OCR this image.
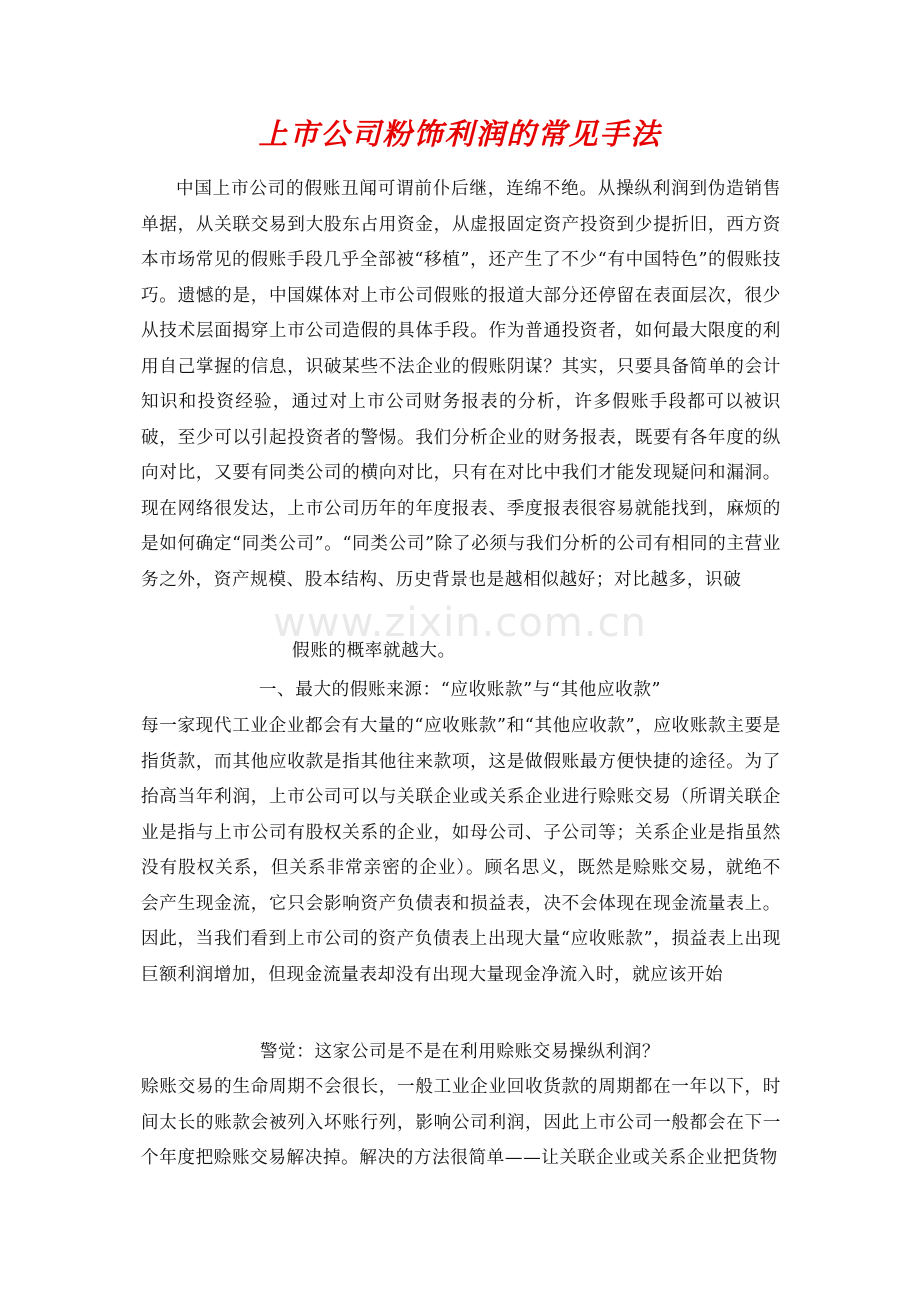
上市公司粉饰利润的常见手法
中国上市公司的假账丑闻可谓前仆后继，连绵不绝。从操纵利润到伪造销售单据，从关联交易到大股东占用资金，从虚报固定资产投资到少提折旧，西方资本市场常见的假账手段几乎全部被“移植”，还产生了不少“有中国特色”的假账技巧。遗憾的是，中国媒体对上市公司假账的报道大部分还停留在表面层次，很少从技术层面揭穿上市公司造假的具体手段。作为普通投资者，如何最大限度的利用自己掌握的信息，识破某些不法企业的假账阴谋？其实，只要具备简单的会计知识和投资经验，通过对上市公司财务报表的分析，许多假账手段都可以被识破，至少可以引起投资者的警惕。我们分析企业的财务报表，既要有各年度的纵向对比，又要有同类公司的横向对比，只有在对比中我们才能发现疑问和漏洞。现在网络很发达，上市公司历年的年度报表、季度报表很容易就能找到，麻烦的是如何确定“同类公司”。“同类公司”除了必须与我们分析的公司有相同的主营业务之外，资产规模、股本结构、历史背景也是越相似越好；对比越多，识破
假账的概率就越大。
一、最大的假账来源：“应收账款”与“其他应收款”
每一家现代工业企业都会有大量的“应收账款”和“其他应收款”，应收账款主要是指货款，而其他应收款是指其他往来款项，这是做假账最方便快捷的途径。为了抬高当年利润，上市公司可以与关联企业或关系企业进行赊账交易（所谓关联企业是指与上市公司有股权关系的企业，如母公司、子公司等；关系企业是指虽然没有股权关系，但关系非常亲密的企业）。顾名思义，既然是赊账交易，就绝不会产生现金流，它只会影响资产负债表和损益表，决不会体现在现金流量表上。因此，当我们看到上市公司的资产负债表上出现大量“应收账款”，损益表上出现巨额利润增加，但现金流量表却没有出现大量现金净流入时，就应该开始
警觉：这家公司是不是在利用赊账交易操纵利润？
赊账交易的生命周期不会很长，一般工业企业回收货款的周期都在一年以下，时间太长的账款会被列入坏账行列，影响公司利润，因此上市公司一般都会在下一个年度把赊账交易解决掉。解决的方法很简单——让关联企业或关系企业把货物
www.zixin.com.cn
